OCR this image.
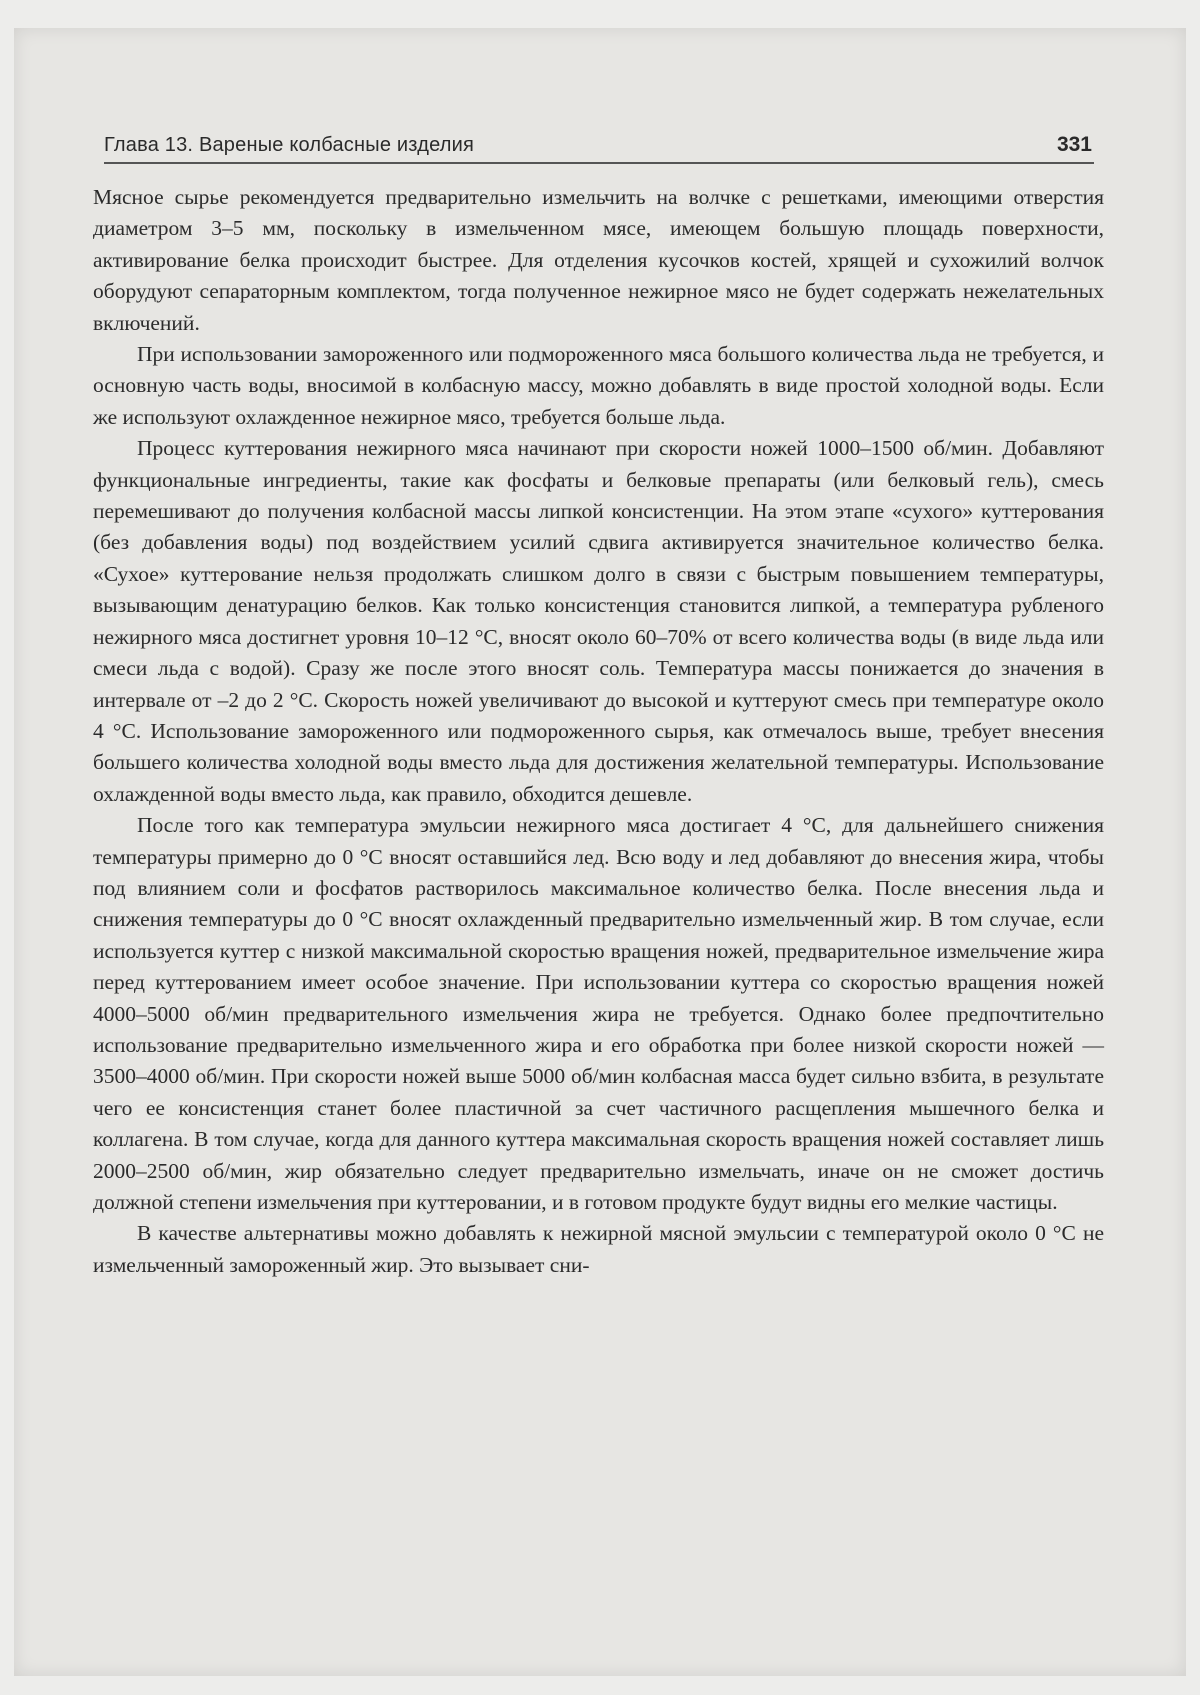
Глава 13. Вареные колбасные изделия	331

Мясное сырье рекомендуется предварительно измельчить на волчке с решетками, имеющими отверстия диаметром 3–5 мм, поскольку в измельченном мясе, имеющем большую площадь поверхности, активирование белка происходит быстрее. Для отделения кусочков костей, хрящей и сухожилий волчок оборудуют сепараторным комплектом, тогда полученное нежирное мясо не будет содержать нежелательных включений.

При использовании замороженного или подмороженного мяса большого количества льда не требуется, и основную часть воды, вносимой в колбасную массу, можно добавлять в виде простой холодной воды. Если же используют охлажденное нежирное мясо, требуется больше льда.

Процесс куттерования нежирного мяса начинают при скорости ножей 1000–1500 об/мин. Добавляют функциональные ингредиенты, такие как фосфаты и белковые препараты (или белковый гель), смесь перемешивают до получения колбасной массы липкой консистенции. На этом этапе «сухого» куттерования (без добавления воды) под воздействием усилий сдвига активируется значительное количество белка. «Сухое» куттерование нельзя продолжать слишком долго в связи с быстрым повышением температуры, вызывающим денатурацию белков. Как только консистенция становится липкой, а температура рубленого нежирного мяса достигнет уровня 10–12 °С, вносят около 60–70% от всего количества воды (в виде льда или смеси льда с водой). Сразу же после этого вносят соль. Температура массы понижается до значения в интервале от –2 до 2 °С. Скорость ножей увеличивают до высокой и куттеруют смесь при температуре около 4 °С. Использование замороженного или подмороженного сырья, как отмечалось выше, требует внесения большего количества холодной воды вместо льда для достижения желательной температуры. Использование охлажденной воды вместо льда, как правило, обходится дешевле.

После того как температура эмульсии нежирного мяса достигает 4 °С, для дальнейшего снижения температуры примерно до 0 °С вносят оставшийся лед. Всю воду и лед добавляют до внесения жира, чтобы под влиянием соли и фосфатов растворилось максимальное количество белка. После внесения льда и снижения температуры до 0 °С вносят охлажденный предварительно измельченный жир. В том случае, если используется куттер с низкой максимальной скоростью вращения ножей, предварительное измельчение жира перед куттерованием имеет особое значение. При использовании куттера со скоростью вращения ножей 4000–5000 об/мин предварительного измельчения жира не требуется. Однако более предпочтительно использование предварительно измельченного жира и его обработка при более низкой скорости ножей — 3500–4000 об/мин. При скорости ножей выше 5000 об/мин колбасная масса будет сильно взбита, в результате чего ее консистенция станет более пластичной за счет частичного расщепления мышечного белка и коллагена. В том случае, когда для данного куттера максимальная скорость вращения ножей составляет лишь 2000–2500 об/мин, жир обязательно следует предварительно измельчать, иначе он не сможет достичь должной степени измельчения при куттеровании, и в готовом продукте будут видны его мелкие частицы.

В качестве альтернативы можно добавлять к нежирной мясной эмульсии с температурой около 0 °С не измельченный замороженный жир. Это вызывает сни-
